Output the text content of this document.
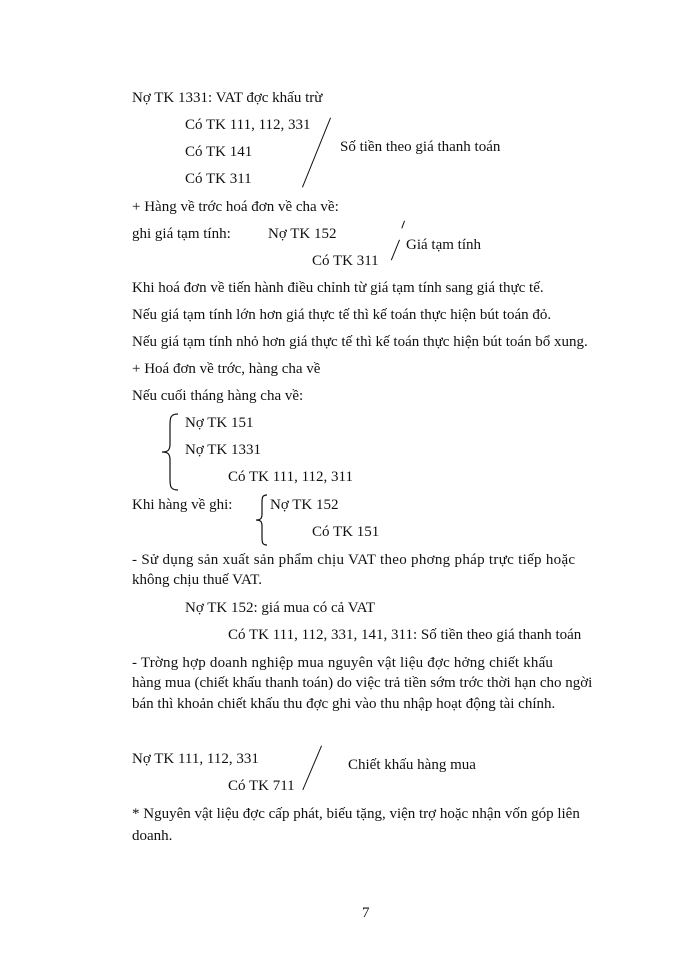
Nợ TK 1331: VAT đợc khấu trừ
Có TK 111, 112, 331
Có TK 141
Có TK 311
Số tiền theo giá thanh toán
+ Hàng về trớc hoá đơn về cha về:
ghi giá tạm tính: Nợ TK 152
Có TK 311
Giá tạm tính
Khi hoá đơn về tiến hành điều chỉnh từ giá tạm tính sang giá thực tế.
Nếu giá tạm tính lớn hơn giá thực tế thì kế toán thực hiện bút toán đỏ.
Nếu giá tạm tính nhỏ hơn giá thực tế thì kế toán thực hiện bút toán bổ xung.
+ Hoá đơn về trớc, hàng cha về
Nếu cuối tháng hàng cha về:
Nợ TK 151
Nợ TK 1331
Có TK 111, 112, 311
Khi hàng về ghi:	Nợ TK 152
Có TK 151
- Sử dụng sản xuất sản phẩm chịu VAT theo phơng pháp trực tiếp hoặc
không chịu thuế VAT.
Nợ TK 152: giá mua có cả VAT
Có TK 111, 112, 331, 141, 311: Số tiền theo giá thanh toán
- Trờng hợp doanh nghiệp mua nguyên vật liệu đợc hởng chiết khấu
hàng mua (chiết khấu thanh toán) do việc trả tiền sớm trớc thời hạn cho ngời
bán thì khoản chiết khấu thu đợc ghi vào thu nhập hoạt động tài chính.
Nợ TK 111, 112, 331
Có TK 711
Chiết khấu hàng mua
* Nguyên vật liệu đợc cấp phát, biếu tặng, viện trợ hoặc nhận vốn góp liên
doanh.
7
